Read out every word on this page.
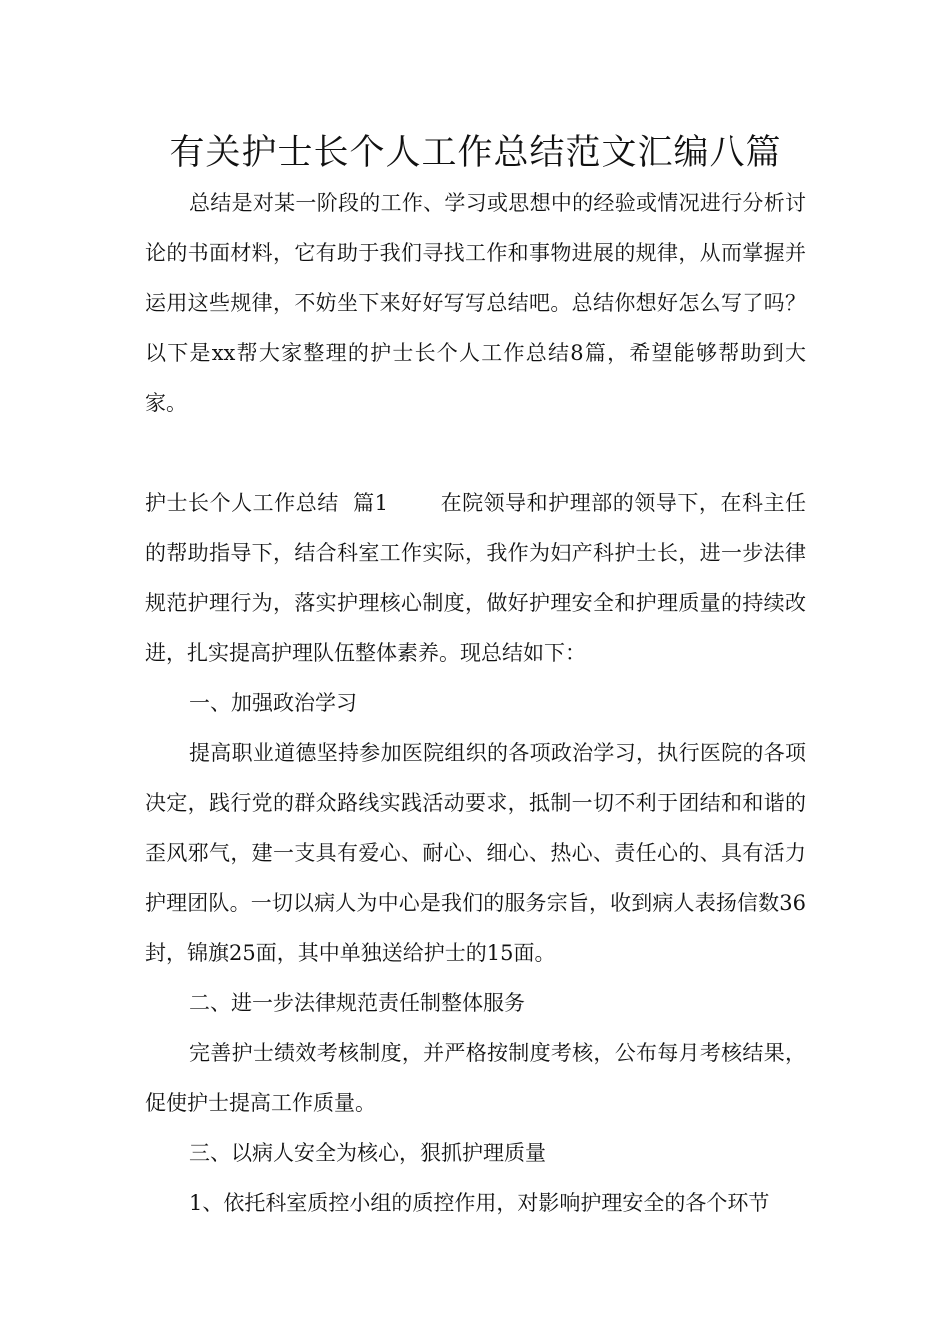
有关护士长个人工作总结范文汇编八篇

总结是对某一阶段的工作、学习或思想中的经验或情况进行分析讨论的书面材料，它有助于我们寻找工作和事物进展的规律，从而掌握并运用这些规律，不妨坐下来好好写写总结吧。总结你想好怎么写了吗？以下是xx帮大家整理的护士长个人工作总结8篇，希望能够帮助到大家。

护士长个人工作总结  篇1 在院领导和护理部的领导下，在科主任的帮助指导下，结合科室工作实际，我作为妇产科护士长，进一步法律规范护理行为，落实护理核心制度，做好护理安全和护理质量的持续改进，扎实提高护理队伍整体素养。现总结如下：

一、加强政治学习

提高职业道德坚持参加医院组织的各项政治学习，执行医院的各项决定，践行党的群众路线实践活动要求，抵制一切不利于团结和和谐的歪风邪气，建一支具有爱心、耐心、细心、热心、责任心的、具有活力护理团队。一切以病人为中心是我们的服务宗旨，收到病人表扬信数36封，锦旗25面，其中单独送给护士的15面。

二、进一步法律规范责任制整体服务

完善护士绩效考核制度，并严格按制度考核，公布每月考核结果，促使护士提高工作质量。

三、以病人安全为核心，狠抓护理质量

1、依托科室质控小组的质控作用，对影响护理安全的各个环节
